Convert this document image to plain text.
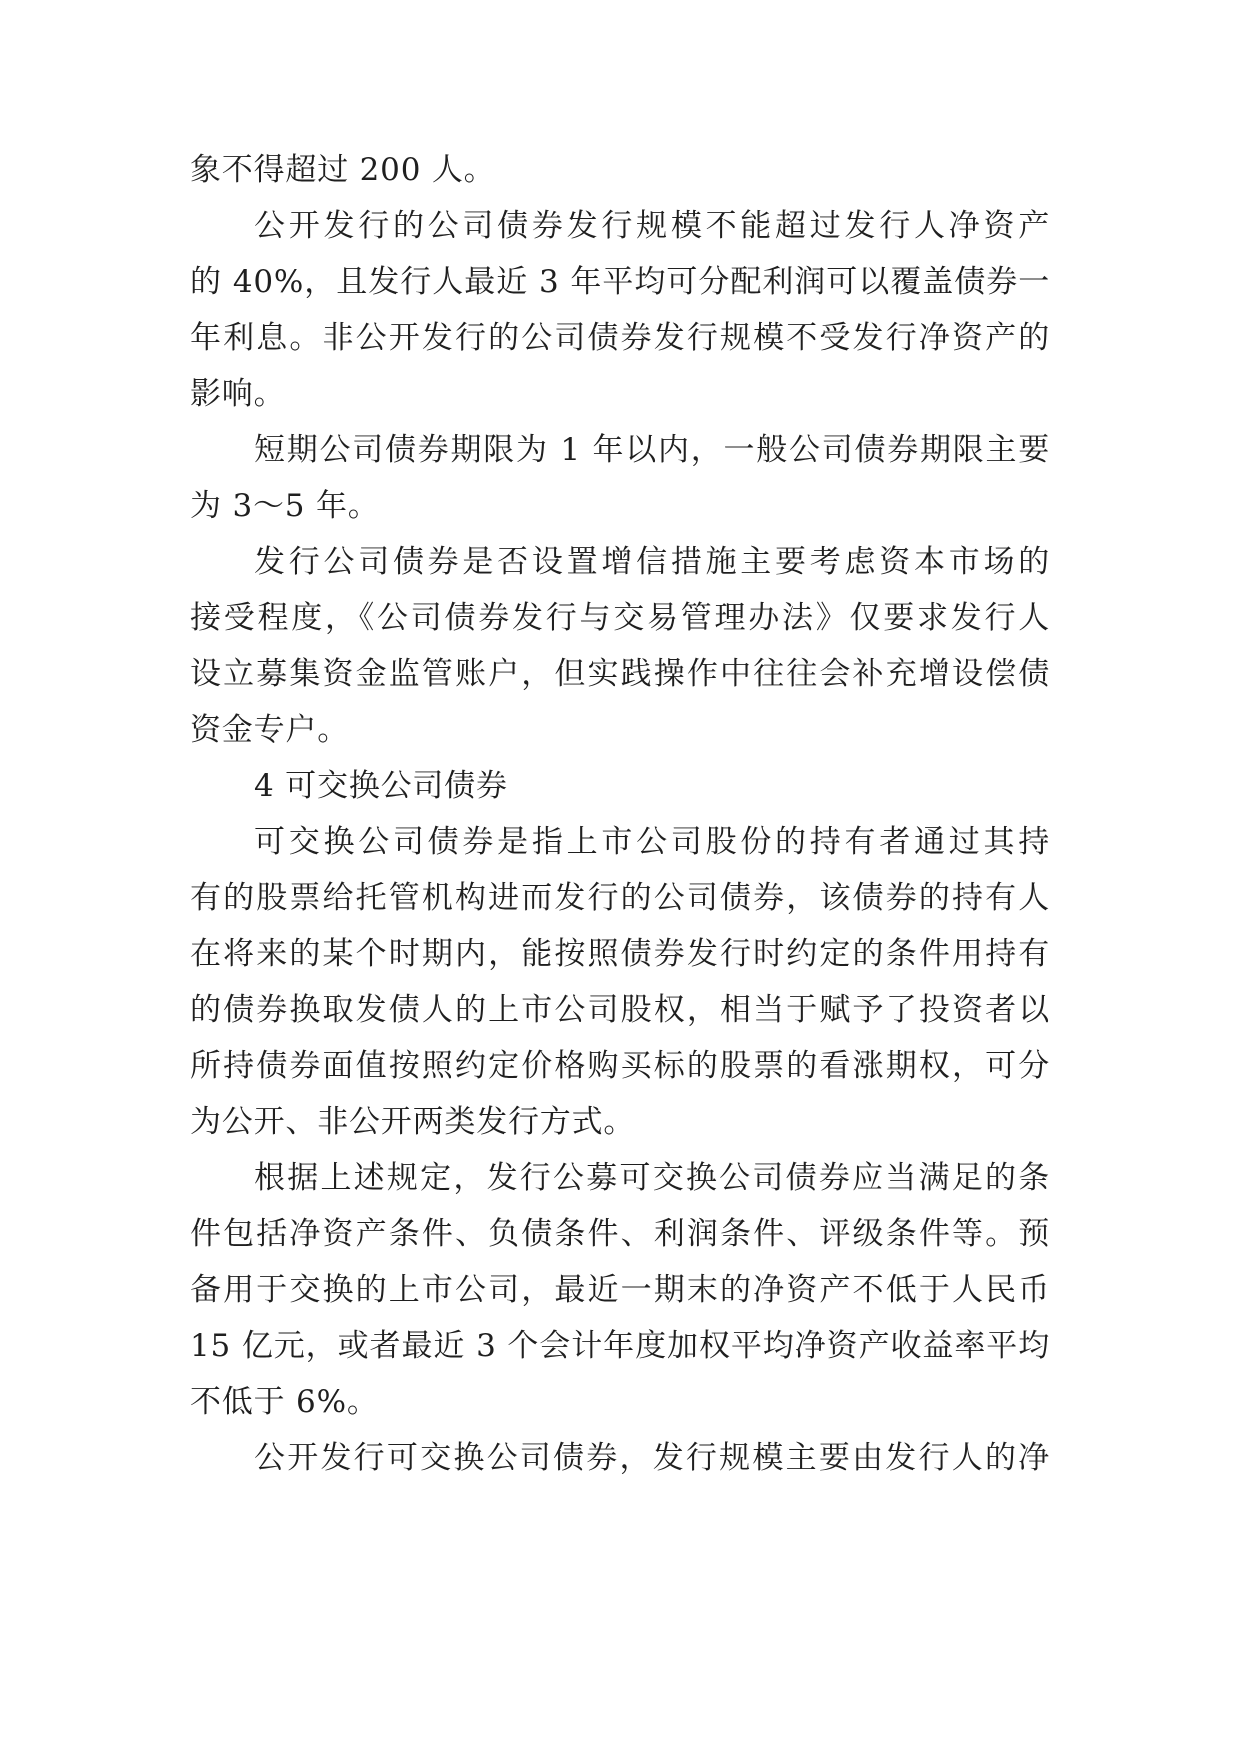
象不得超过 200 人。
公开发行的公司债券发行规模不能超过发行人净资产
的 40%，且发行人最近 3 年平均可分配利润可以覆盖债券一
年利息。非公开发行的公司债券发行规模不受发行净资产的
影响。
短期公司债券期限为 1 年以内，一般公司债券期限主要
为 3～5 年。
发行公司债券是否设置增信措施主要考虑资本市场的
接受程度，《公司债券发行与交易管理办法》仅要求发行人
设立募集资金监管账户，但实践操作中往往会补充增设偿债
资金专户。
4 可交换公司债券
可交换公司债券是指上市公司股份的持有者通过其持
有的股票给托管机构进而发行的公司债券，该债券的持有人
在将来的某个时期内，能按照债券发行时约定的条件用持有
的债券换取发债人的上市公司股权，相当于赋予了投资者以
所持债券面值按照约定价格购买标的股票的看涨期权，可分
为公开、非公开两类发行方式。
根据上述规定，发行公募可交换公司债券应当满足的条
件包括净资产条件、负债条件、利润条件、评级条件等。预
备用于交换的上市公司，最近一期末的净资产不低于人民币
15 亿元，或者最近 3 个会计年度加权平均净资产收益率平均
不低于 6%。
公开发行可交换公司债券，发行规模主要由发行人的净
